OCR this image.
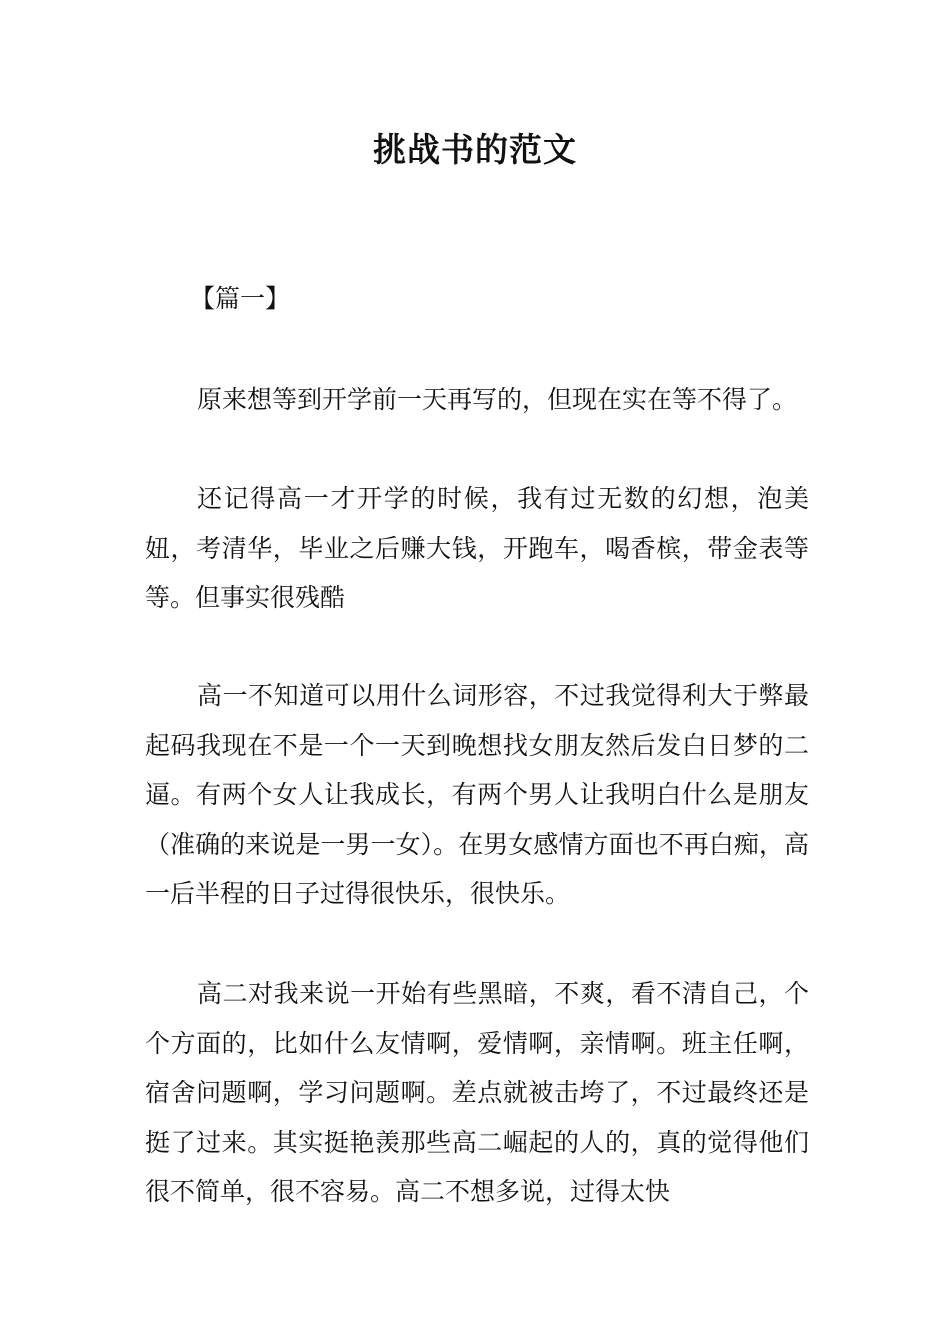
挑战书的范文
【篇一】

原来想等到开学前一天再写的，但现在实在等不得了。

还记得高一才开学的时候，我有过无数的幻想，泡美妞，考清华，毕业之后赚大钱，开跑车，喝香槟，带金表等等。但事实很残酷

高一不知道可以用什么词形容，不过我觉得利大于弊最起码我现在不是一个一天到晚想找女朋友然后发白日梦的二逼。有两个女人让我成长，有两个男人让我明白什么是朋友（准确的来说是一男一女）。在男女感情方面也不再白痴，高一后半程的日子过得很快乐，很快乐。

高二对我来说一开始有些黑暗，不爽，看不清自己，个个方面的，比如什么友情啊，爱情啊，亲情啊。班主任啊，宿舍问题啊，学习问题啊。差点就被击垮了，不过最终还是挺了过来。其实挺艳羡那些高二崛起的人的，真的觉得他们很不简单，很不容易。高二不想多说，过得太快
